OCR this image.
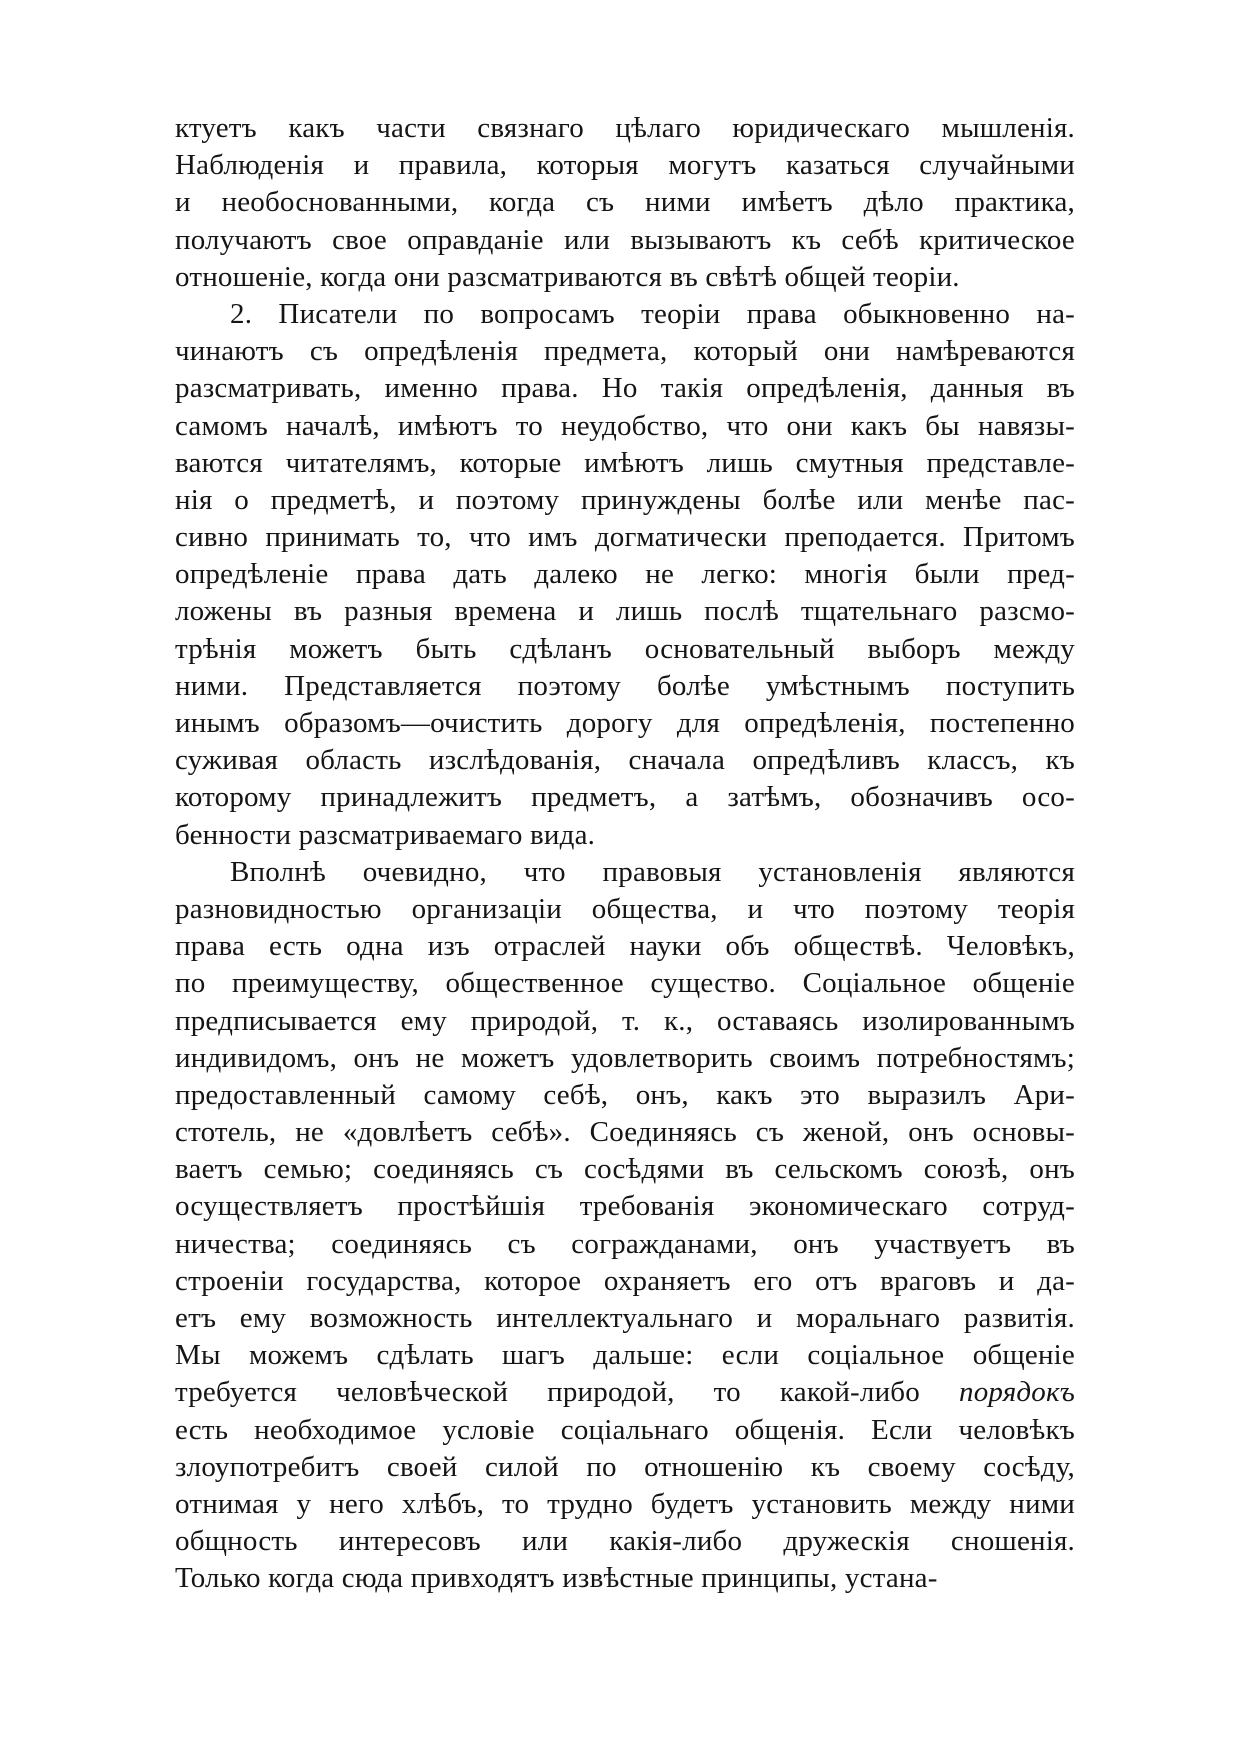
ктуетъ какъ части связнаго цѣлаго юридическаго мышленія.
Наблюденія и правила, которыя могутъ казаться случайными
и необоснованными, когда съ ними имѣетъ дѣло практика,
получаютъ свое оправданіе или вызываютъ къ себѣ критическое
отношеніе, когда они разсматриваются въ свѣтѣ общей теоріи.
2. Писатели по вопросамъ теоріи права обыкновенно на-
чинаютъ съ опредѣленія предмета, который они намѣреваются
разсматривать, именно права. Но такія опредѣленія, данныя въ
самомъ началѣ, имѣютъ то неудобство, что они какъ бы навязы-
ваются читателямъ, которые имѣютъ лишь смутныя представле-
нія о предметѣ, и поэтому принуждены болѣе или менѣе пас-
сивно принимать то, что имъ догматически преподается. Притомъ
опредѣленіе права дать далеко не легко: многія были пред-
ложены въ разныя времена и лишь послѣ тщательнаго разсмо-
трѣнія можетъ быть сдѣланъ основательный выборъ между
ними. Представляется поэтому болѣе умѣстнымъ поступить
инымъ образомъ—очистить дорогу для опредѣленія, постепенно
суживая область изслѣдованія, сначала опредѣливъ классъ, къ
которому принадлежитъ предметъ, а затѣмъ, обозначивъ осо-
бенности разсматриваемаго вида.
Вполнѣ очевидно, что правовыя установленія являются
разновидностью организаціи общества, и что поэтому теорія
права есть одна изъ отраслей науки объ обществѣ. Человѣкъ,
по преимуществу, общественное существо. Соціальное общеніе
предписывается ему природой, т. к., оставаясь изолированнымъ
индивидомъ, онъ не можетъ удовлетворить своимъ потребностямъ;
предоставленный самому себѣ, онъ, какъ это выразилъ Ари-
стотель, не «довлѣетъ себѣ». Соединяясь съ женой, онъ основы-
ваетъ семью; соединяясь съ сосѣдями въ сельскомъ союзѣ, онъ
осуществляетъ простѣйшія требованія экономическаго сотруд-
ничества; соединяясь съ согражданами, онъ участвуетъ въ
строеніи государства, которое охраняетъ его отъ враговъ и да-
етъ ему возможность интеллектуальнаго и моральнаго развитія.
Мы можемъ сдѣлать шагъ дальше: если соціальное общеніе
требуется человѣческой природой, то какой-либо порядокъ
есть необходимое условіе соціальнаго общенія. Если человѣкъ
злоупотребитъ своей силой по отношенію къ своему сосѣду,
отнимая у него хлѣбъ, то трудно будетъ установить между ними
общность интересовъ или какія-либо дружескія сношенія.
Только когда сюда привходятъ извѣстные принципы, устана-
